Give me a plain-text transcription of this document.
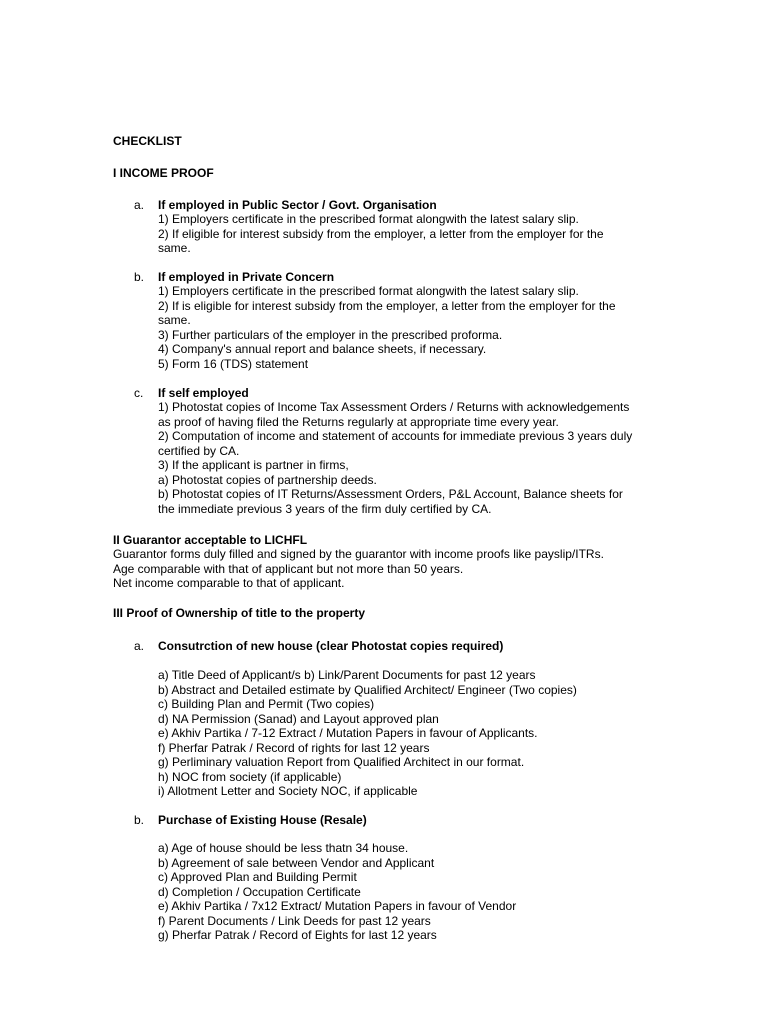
CHECKLIST
I INCOME PROOF
a. If employed in Public Sector / Govt. Organisation
1) Employers certificate in the prescribed format alongwith the latest salary slip.
2) If eligible for interest subsidy from the employer, a letter from the employer for the
same.
b. If employed in Private Concern
1) Employers certificate in the prescribed format alongwith the latest salary slip.
2) If is eligible for interest subsidy from the employer, a letter from the employer for the
same.
3) Further particulars of the employer in the prescribed proforma.
4) Company's annual report and balance sheets, if necessary.
5) Form 16 (TDS) statement
c. If self employed
1) Photostat copies of Income Tax Assessment Orders / Returns with acknowledgements
as proof of having filed the Returns regularly at appropriate time every year.
2) Computation of income and statement of accounts for immediate previous 3 years duly
certified by CA.
3) If the applicant is partner in firms,
a) Photostat copies of partnership deeds.
b) Photostat copies of IT Returns/Assessment Orders, P&L Account, Balance sheets for
the immediate previous 3 years of the firm duly certified by CA.
II Guarantor acceptable to LICHFL
Guarantor forms duly filled and signed by the guarantor with income proofs like payslip/ITRs.
Age comparable with that of applicant but not more than 50 years.
Net income comparable to that of applicant.
III Proof of Ownership of title to the property
a. Consutrction of new house (clear Photostat copies required)
a) Title Deed of Applicant/s b) Link/Parent Documents for past 12 years
b) Abstract and Detailed estimate by Qualified Architect/ Engineer (Two copies)
c) Building Plan and Permit (Two copies)
d) NA Permission (Sanad) and Layout approved plan
e) Akhiv Partika / 7-12 Extract / Mutation Papers in favour of Applicants.
f) Pherfar Patrak / Record of rights for last 12 years
g) Perliminary valuation Report from Qualified Architect in our format.
h) NOC from society (if applicable)
i) Allotment Letter and Society NOC, if applicable
b. Purchase of Existing House (Resale)
a) Age of house should be less thatn 34 house.
b) Agreement of sale between Vendor and Applicant
c) Approved Plan and Building Permit
d) Completion / Occupation Certificate
e) Akhiv Partika / 7x12 Extract/ Mutation Papers in favour of Vendor
f) Parent Documents / Link Deeds for past 12 years
g) Pherfar Patrak / Record of Eights for last 12 years
